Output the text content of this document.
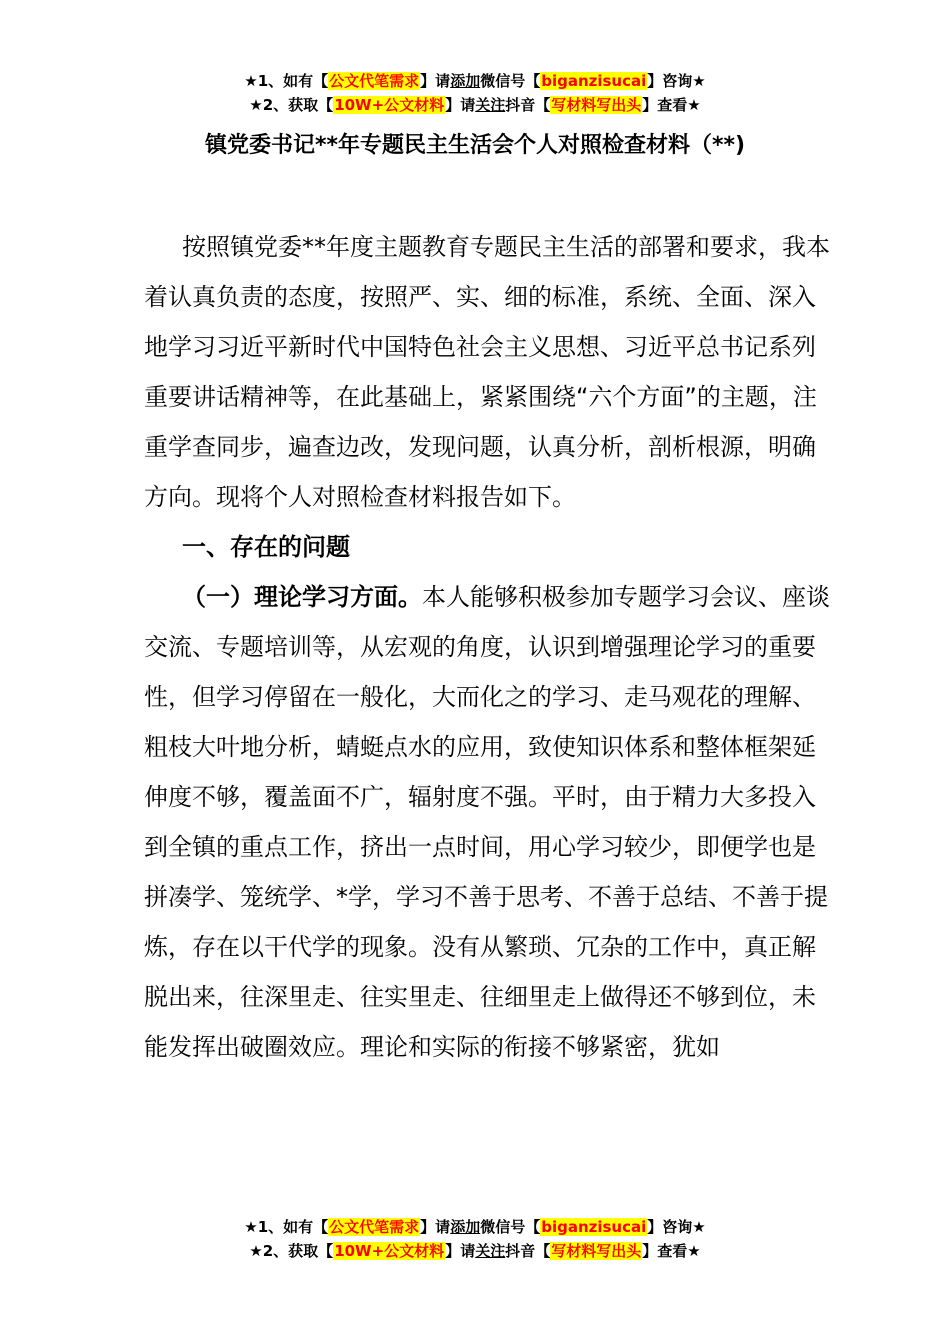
★1、如有【公文代笔需求】请添加微信号【biganzisucai】咨询★
★2、获取【10W+公文材料】请关注抖音【写材料写出头】查看★
镇党委书记**年专题民主生活会个人对照检查材料（**)

按照镇党委**年度主题教育专题民主生活的部署和要求，我本着认真负责的态度，按照严、实、细的标准，系统、全面、深入地学习习近平新时代中国特色社会主义思想、习近平总书记系列重要讲话精神等，在此基础上，紧紧围绕“六个方面”的主题，注重学查同步，遍查边改，发现问题，认真分析，剖析根源，明确方向。现将个人对照检查材料报告如下。

一、存在的问题

（一）理论学习方面。本人能够积极参加专题学习会议、座谈交流、专题培训等，从宏观的角度，认识到增强理论学习的重要性，但学习停留在一般化，大而化之的学习、走马观花的理解、粗枝大叶地分析，蜻蜓点水的应用，致使知识体系和整体框架延伸度不够，覆盖面不广，辐射度不强。平时，由于精力大多投入到全镇的重点工作，挤出一点时间，用心学习较少，即便学也是拼凑学、笼统学、*学，学习不善于思考、不善于总结、不善于提炼，存在以干代学的现象。没有从繁琐、冗杂的工作中，真正解脱出来，往深里走、往实里走、往细里走上做得还不够到位，未能发挥出破圈效应。理论和实际的衔接不够紧密，犹如

★1、如有【公文代笔需求】请添加微信号【biganzisucai】咨询★
★2、获取【10W+公文材料】请关注抖音【写材料写出头】查看★
